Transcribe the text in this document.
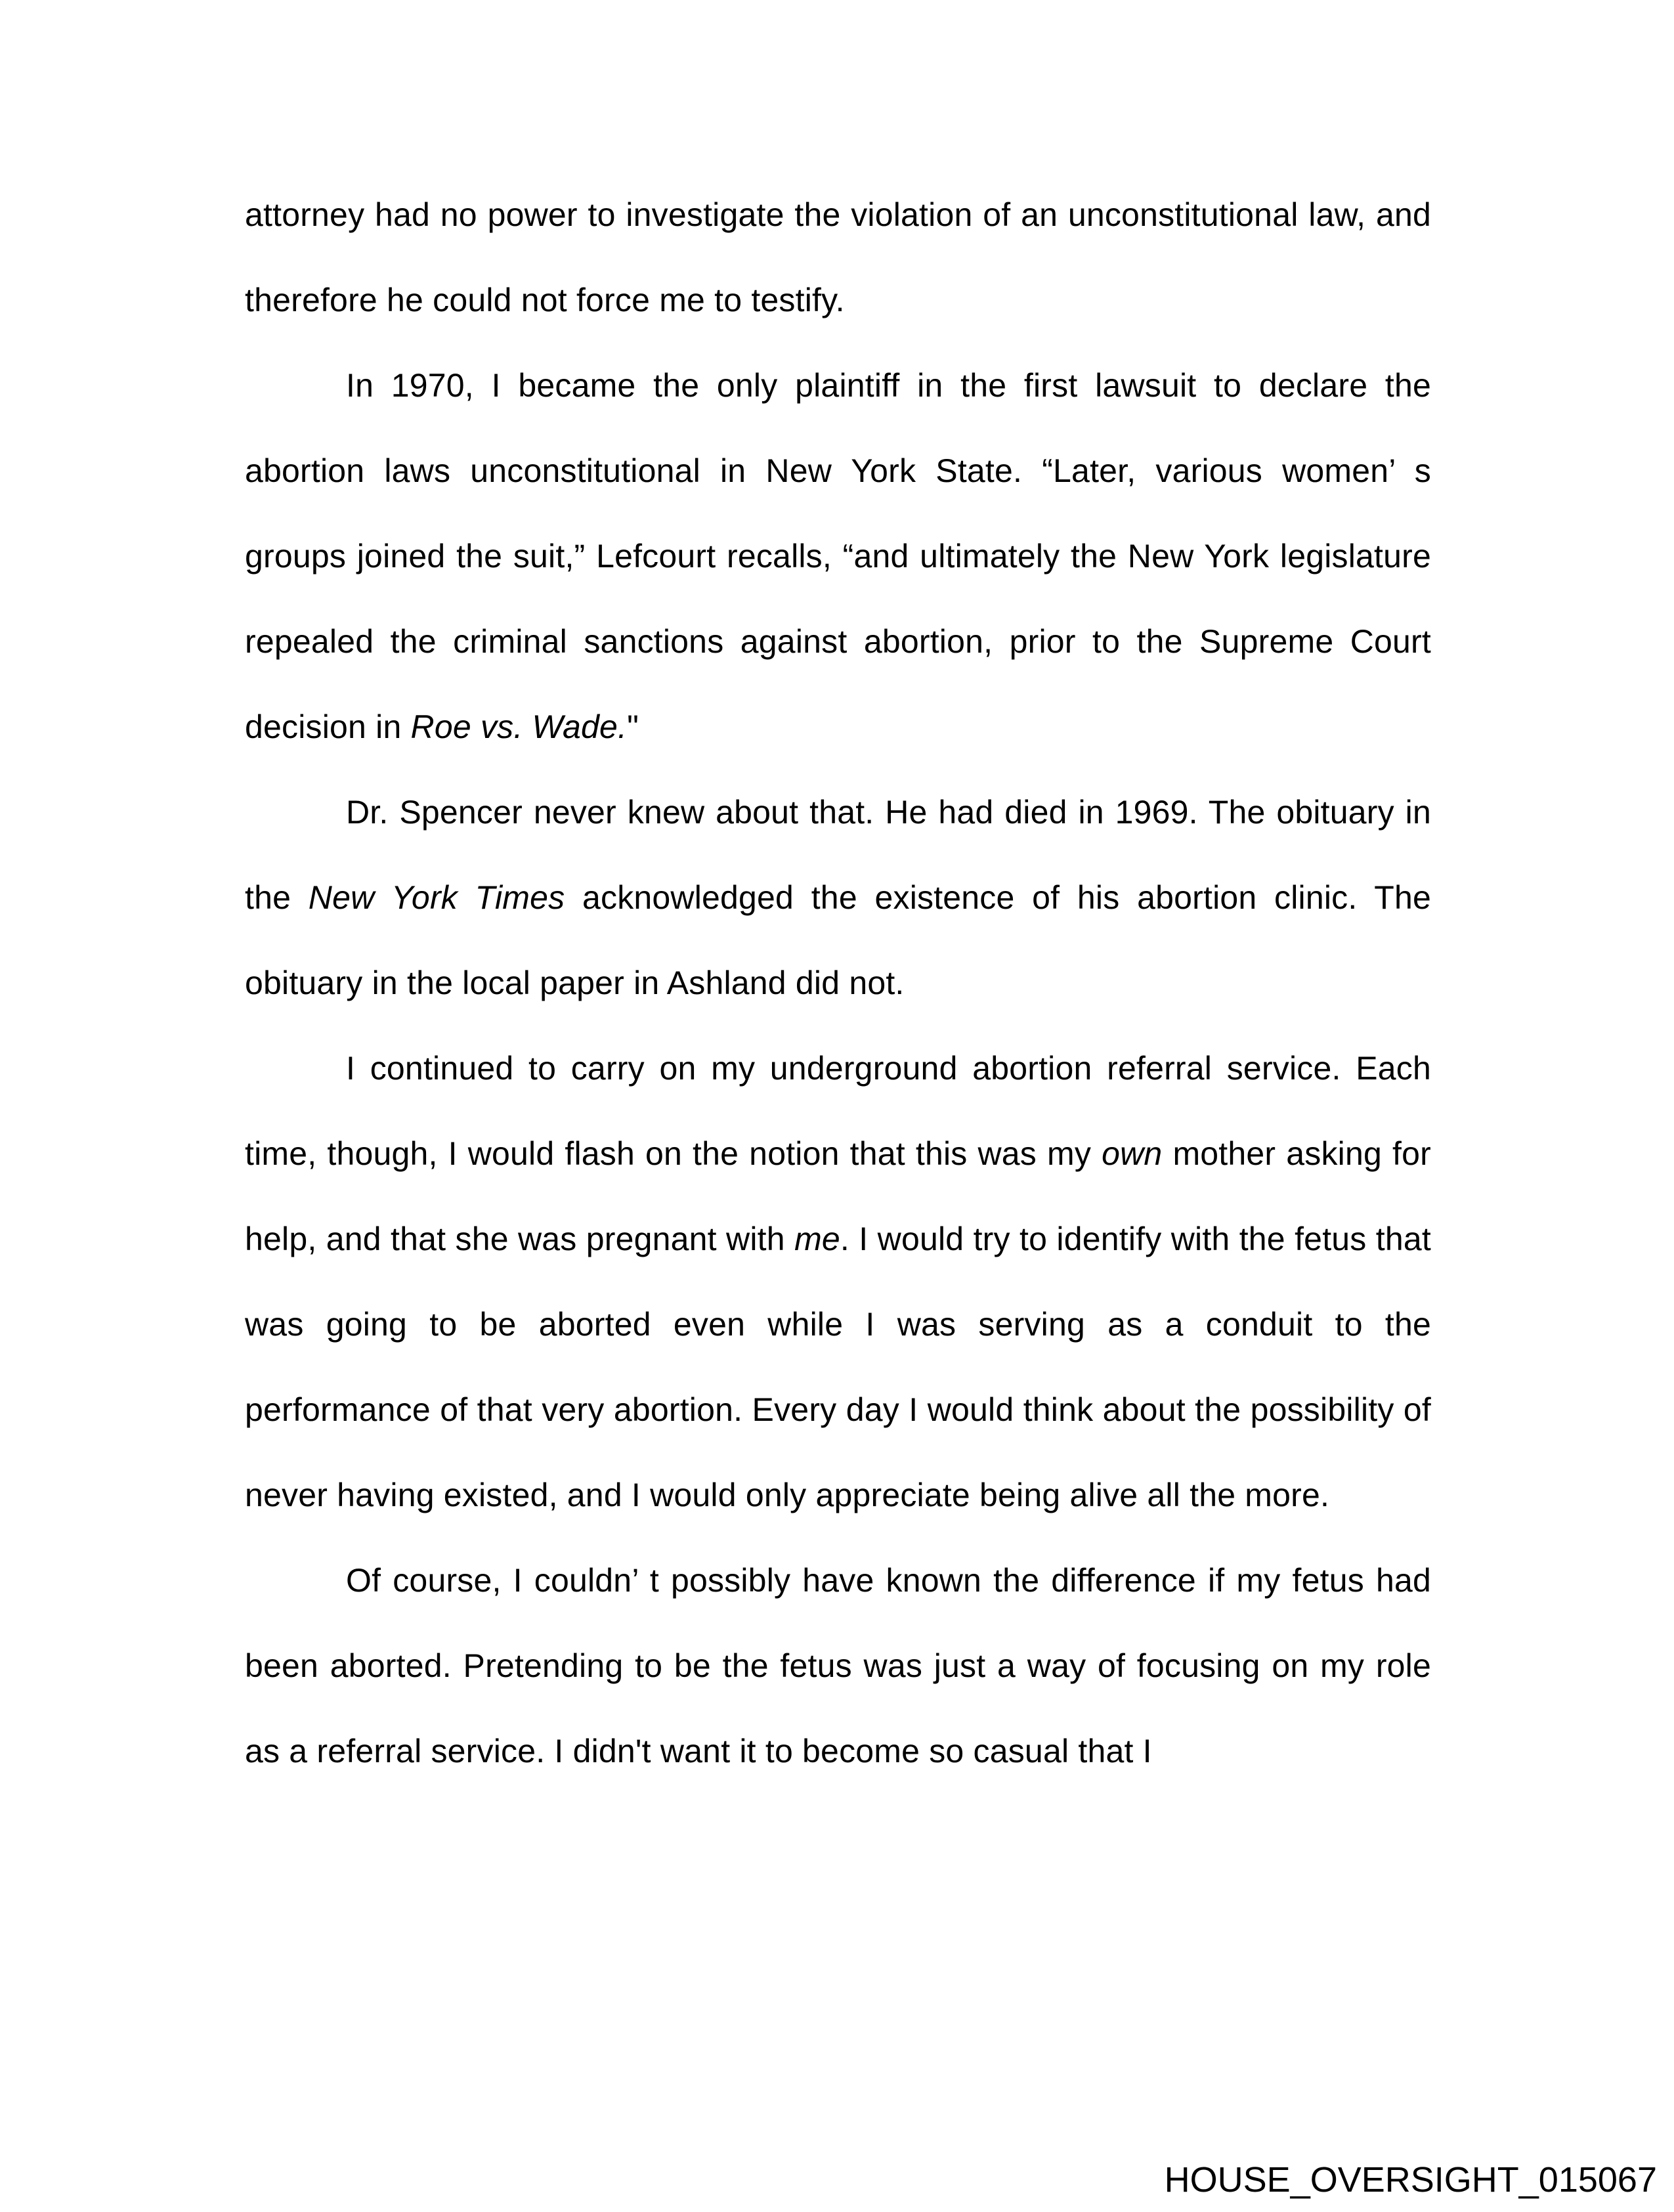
attorney had no power to investigate the violation of an unconstitutional law, and therefore he could not force me to testify.

In 1970, I became the only plaintiff in the first lawsuit to declare the abortion laws unconstitutional in New York State. “Later, various women’ s groups joined the suit,” Lefcourt recalls, “and ultimately the New York legislature repealed the criminal sanctions against abortion, prior to the Supreme Court decision in Roe vs. Wade."

Dr. Spencer never knew about that. He had died in 1969. The obituary in the New York Times acknowledged the existence of his abortion clinic. The obituary in the local paper in Ashland did not.

I continued to carry on my underground abortion referral service. Each time, though, I would flash on the notion that this was my own mother asking for help, and that she was pregnant with me. I would try to identify with the fetus that was going to be aborted even while I was serving as a conduit to the performance of that very abortion. Every day I would think about the possibility of never having existed, and I would only appreciate being alive all the more.

Of course, I couldn’ t possibly have known the difference if my fetus had been aborted. Pretending to be the fetus was just a way of focusing on my role as a referral service. I didn't want it to become so casual that I

HOUSE_OVERSIGHT_015067
